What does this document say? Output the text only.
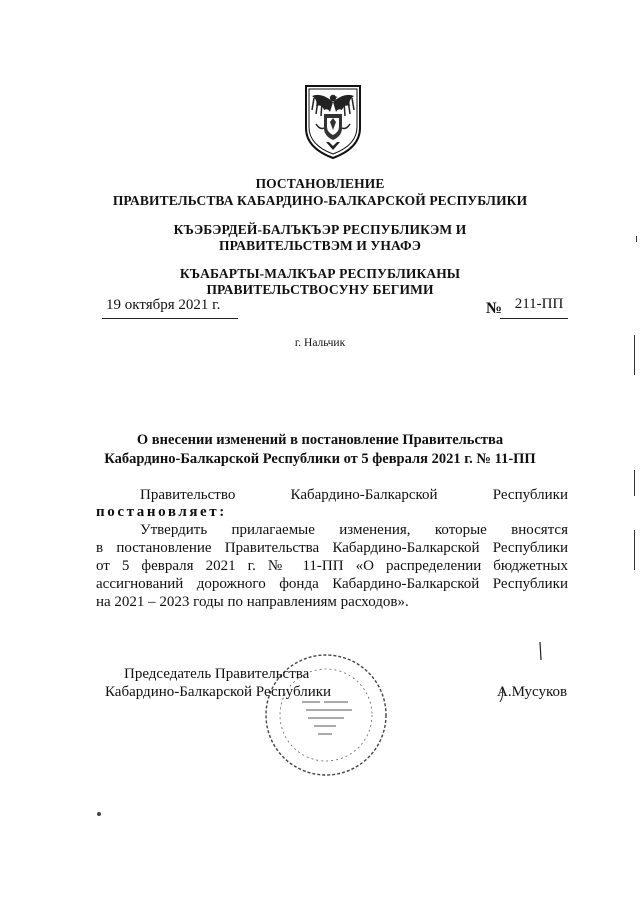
ПОСТАНОВЛЕНИЕ
ПРАВИТЕЛЬСТВА КАБАРДИНО-БАЛКАРСКОЙ РЕСПУБЛИКИ
КЪЭБЭРДЕЙ-БАЛЪКЪЭР РЕСПУБЛИКЭМ И ПРАВИТЕЛЬСТВЭМ И УНАФЭ
КЪАБАРТЫ-МАЛКЪАР РЕСПУБЛИКАНЫ ПРАВИТЕЛЬСТВОСУНУ БЕГИМИ
19 октября 2021 г.	№ 211-ПП
г. Нальчик
О внесении изменений в постановление Правительства
Кабардино-Балкарской Республики от 5 февраля 2021 г. № 11-ПП
Правительство	Кабардино-Балкарской	Республики
постановляет:
Утвердить прилагаемые изменения, которые вносятся
в постановление Правительства Кабардино-Балкарской Республики
от 5 февраля 2021 г. № 11-ПП «О распределении бюджетных
ассигнований дорожного фонда Кабардино-Балкарской Республики
на 2021 – 2023 годы по направлениям расходов».
Председатель Правительства
Кабардино-Балкарской Республики	А.Мусуков
